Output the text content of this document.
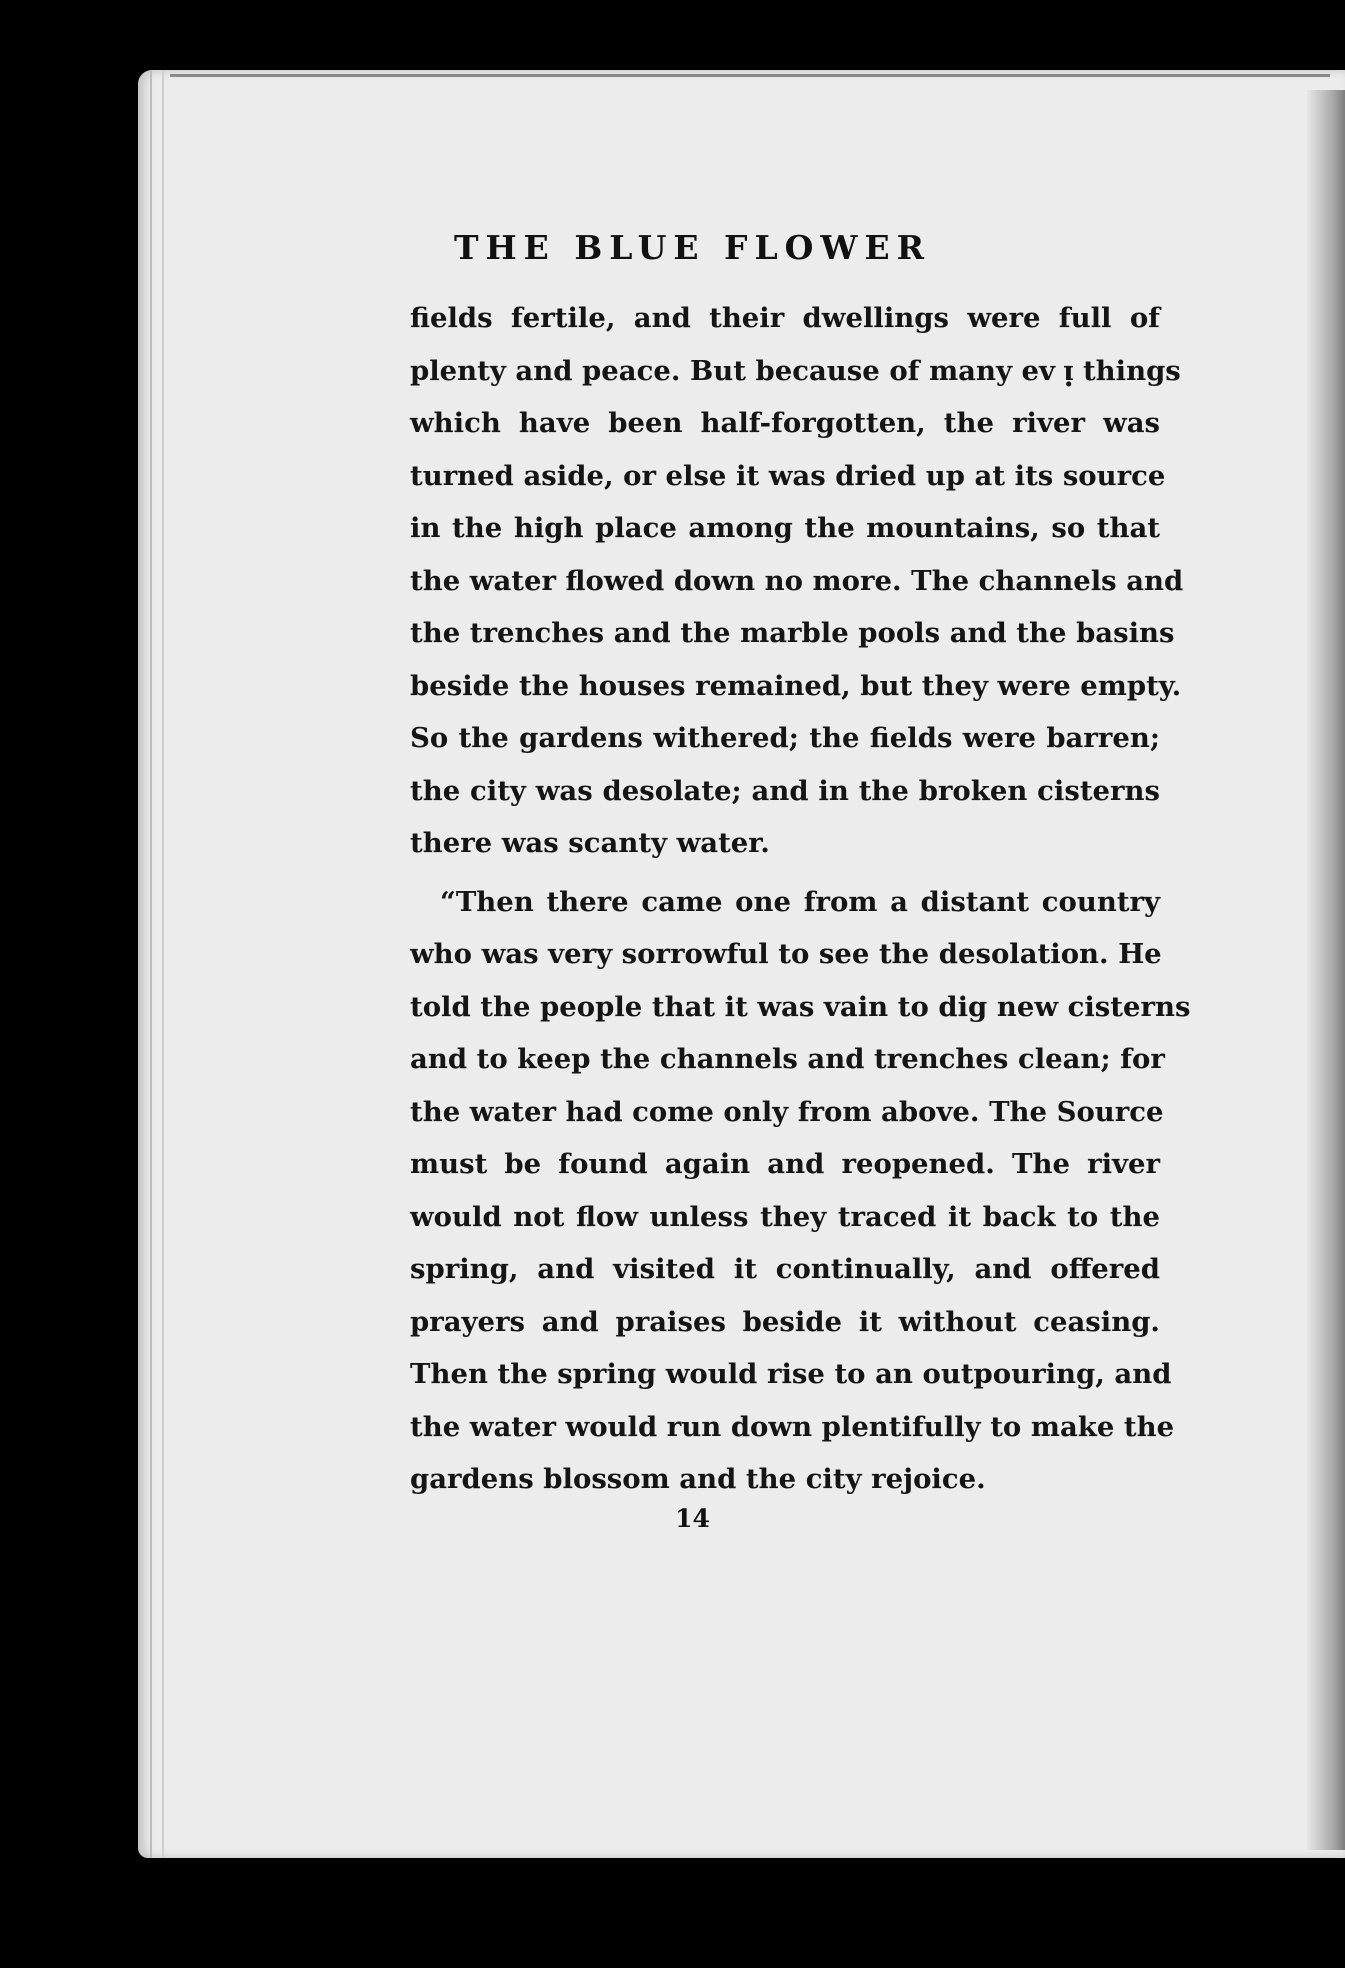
THE BLUE FLOWER
fields fertile, and their dwellings were full of
plenty and peace. But because of many ev ᴉ things
which have been half-forgotten, the river was
turned aside, or else it was dried up at its source
in the high place among the mountains, so that
the water flowed down no more. The channels and
the trenches and the marble pools and the basins
beside the houses remained, but they were empty.
So the gardens withered; the fields were barren;
the city was desolate; and in the broken cisterns
there was scanty water.
“Then there came one from a distant country
who was very sorrowful to see the desolation. He
told the people that it was vain to dig new cisterns
and to keep the channels and trenches clean; for
the water had come only from above. The Source
must be found again and reopened. The river
would not flow unless they traced it back to the
spring, and visited it continually, and offered
prayers and praises beside it without ceasing.
Then the spring would rise to an outpouring, and
the water would run down plentifully to make the
gardens blossom and the city rejoice.
14
